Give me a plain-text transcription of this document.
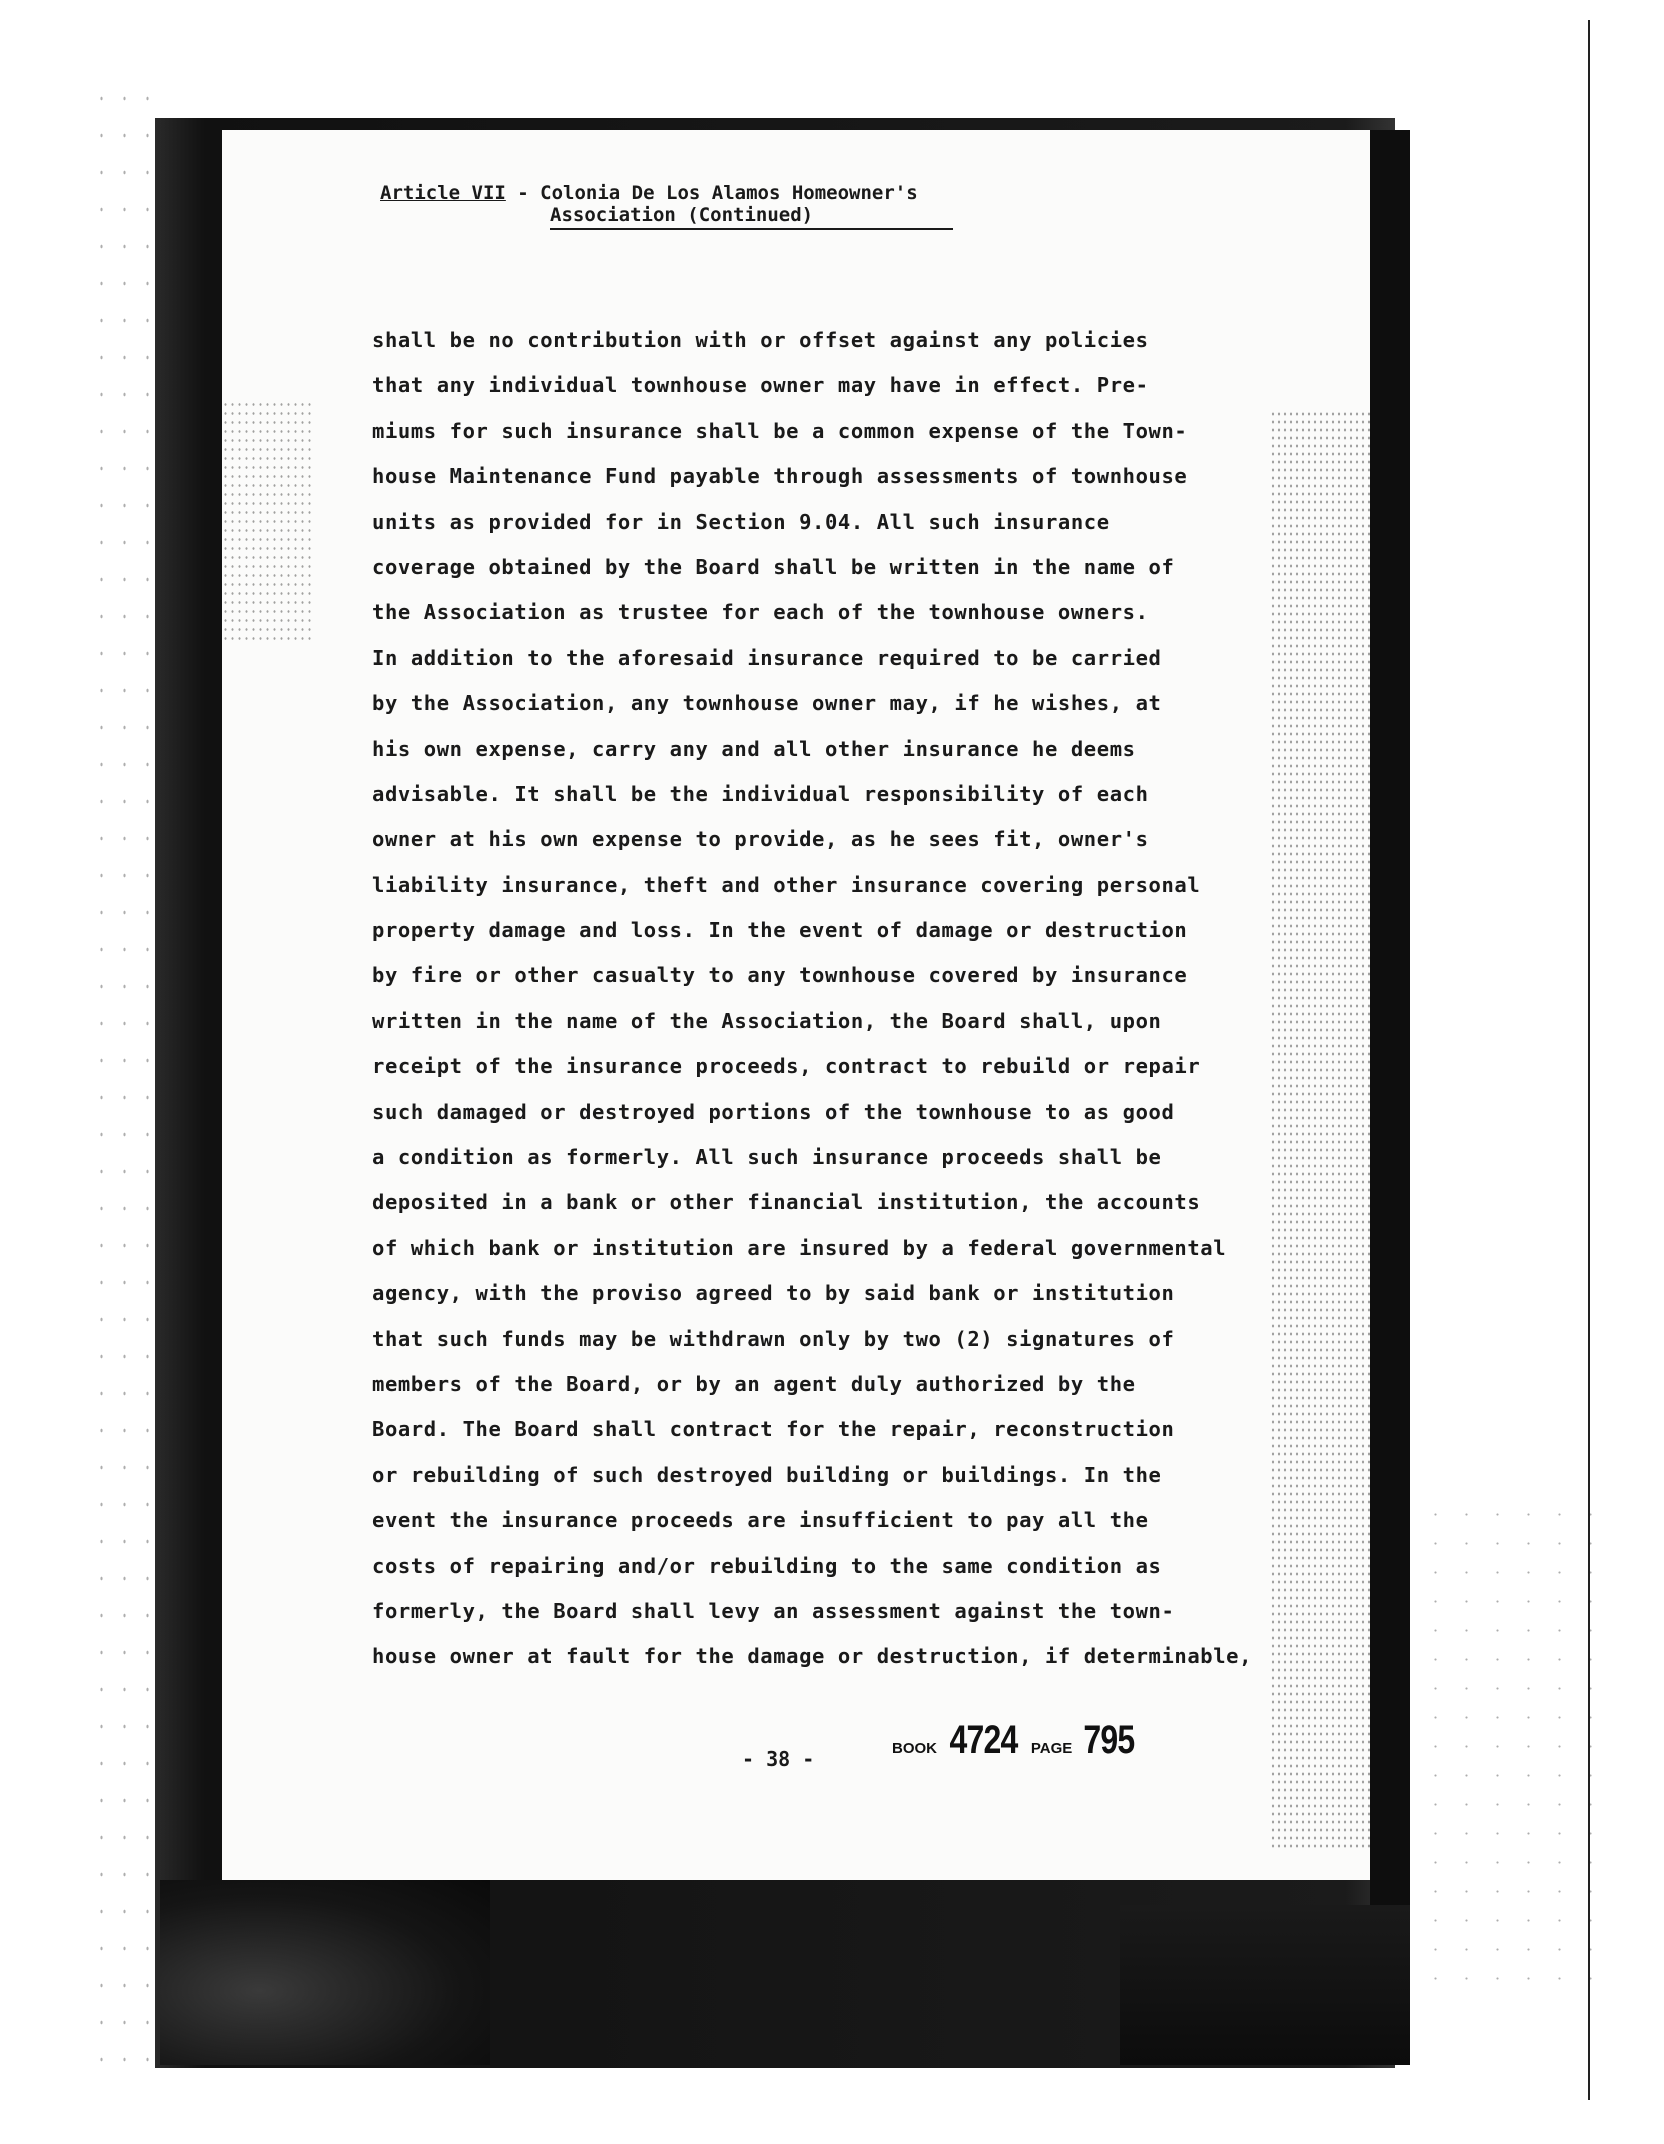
Article VII - Colonia De Los Alamos Homeowner's
Association (Continued)
shall be no contribution with or offset against any policies
that any individual townhouse owner may have in effect. Pre-
miums for such insurance shall be a common expense of the Town-
house Maintenance Fund payable through assessments of townhouse
units as provided for in Section 9.04. All such insurance
coverage obtained by the Board shall be written in the name of
the Association as trustee for each of the townhouse owners.
In addition to the aforesaid insurance required to be carried
by the Association, any townhouse owner may, if he wishes, at
his own expense, carry any and all other insurance he deems
advisable. It shall be the individual responsibility of each
owner at his own expense to provide, as he sees fit, owner's
liability insurance, theft and other insurance covering personal
property damage and loss. In the event of damage or destruction
by fire or other casualty to any townhouse covered by insurance
written in the name of the Association, the Board shall, upon
receipt of the insurance proceeds, contract to rebuild or repair
such damaged or destroyed portions of the townhouse to as good
a condition as formerly. All such insurance proceeds shall be
deposited in a bank or other financial institution, the accounts
of which bank or institution are insured by a federal governmental
agency, with the proviso agreed to by said bank or institution
that such funds may be withdrawn only by two (2) signatures of
members of the Board, or by an agent duly authorized by the
Board. The Board shall contract for the repair, reconstruction
or rebuilding of such destroyed building or buildings. In the
event the insurance proceeds are insufficient to pay all the
costs of repairing and/or rebuilding to the same condition as
formerly, the Board shall levy an assessment against the town-
house owner at fault for the damage or destruction, if determinable,
- 38 -	BOOK 4724 PAGE 795
